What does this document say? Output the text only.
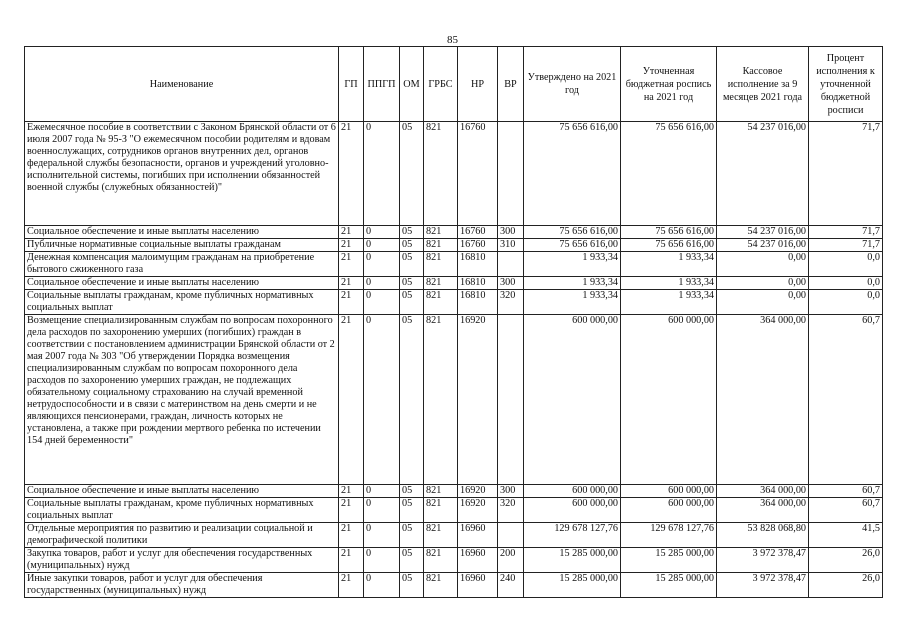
85
Наименование	ГП	ППГП	ОМ	ГРБС	НР	ВР	Утверждено на 2021 год	Уточненная бюджетная роспись на 2021 год	Кассовое исполнение за 9 месяцев 2021 года	Процент исполнения к уточненной бюджетной росписи
Ежемесячное пособие в соответствии с Законом Брянской области от 6 июля 2007 года № 95-З "О ежемесячном пособии родителям и вдовам военнослужащих, сотрудников органов внутренних дел, органов федеральной службы безопасности, органов и учреждений уголовно-исполнительной системы, погибших при исполнении обязанностей военной службы (служебных обязанностей)"	21	0	05	821	16760		75 656 616,00	75 656 616,00	54 237 016,00	71,7
Социальное обеспечение и иные выплаты населению	21	0	05	821	16760	300	75 656 616,00	75 656 616,00	54 237 016,00	71,7
Публичные нормативные социальные выплаты гражданам	21	0	05	821	16760	310	75 656 616,00	75 656 616,00	54 237 016,00	71,7
Денежная компенсация малоимущим гражданам на приобретение бытового сжиженного газа	21	0	05	821	16810		1 933,34	1 933,34	0,00	0,0
Социальное обеспечение и иные выплаты населению	21	0	05	821	16810	300	1 933,34	1 933,34	0,00	0,0
Социальные выплаты гражданам, кроме публичных нормативных социальных выплат	21	0	05	821	16810	320	1 933,34	1 933,34	0,00	0,0
Возмещение специализированным службам по вопросам похоронного дела расходов по захоронению умерших (погибших) граждан в соответствии с постановлением администрации Брянской области от 2 мая 2007 года № 303 "Об утверждении Порядка возмещения специализированным службам по вопросам похоронного дела расходов по захоронению умерших граждан, не подлежащих обязательному социальному страхованию на случай временной нетрудоспособности и в связи с материнством на день смерти и не являющихся пенсионерами, граждан, личность которых не установлена, а также при рождении мертвого ребенка по истечении 154 дней беременности"	21	0	05	821	16920		600 000,00	600 000,00	364 000,00	60,7
Социальное обеспечение и иные выплаты населению	21	0	05	821	16920	300	600 000,00	600 000,00	364 000,00	60,7
Социальные выплаты гражданам, кроме публичных нормативных социальных выплат	21	0	05	821	16920	320	600 000,00	600 000,00	364 000,00	60,7
Отдельные мероприятия по развитию и реализации социальной и демографической политики	21	0	05	821	16960		129 678 127,76	129 678 127,76	53 828 068,80	41,5
Закупка товаров, работ и услуг для обеспечения государственных (муниципальных) нужд	21	0	05	821	16960	200	15 285 000,00	15 285 000,00	3 972 378,47	26,0
Иные закупки товаров, работ и услуг для обеспечения государственных (муниципальных) нужд	21	0	05	821	16960	240	15 285 000,00	15 285 000,00	3 972 378,47	26,0
